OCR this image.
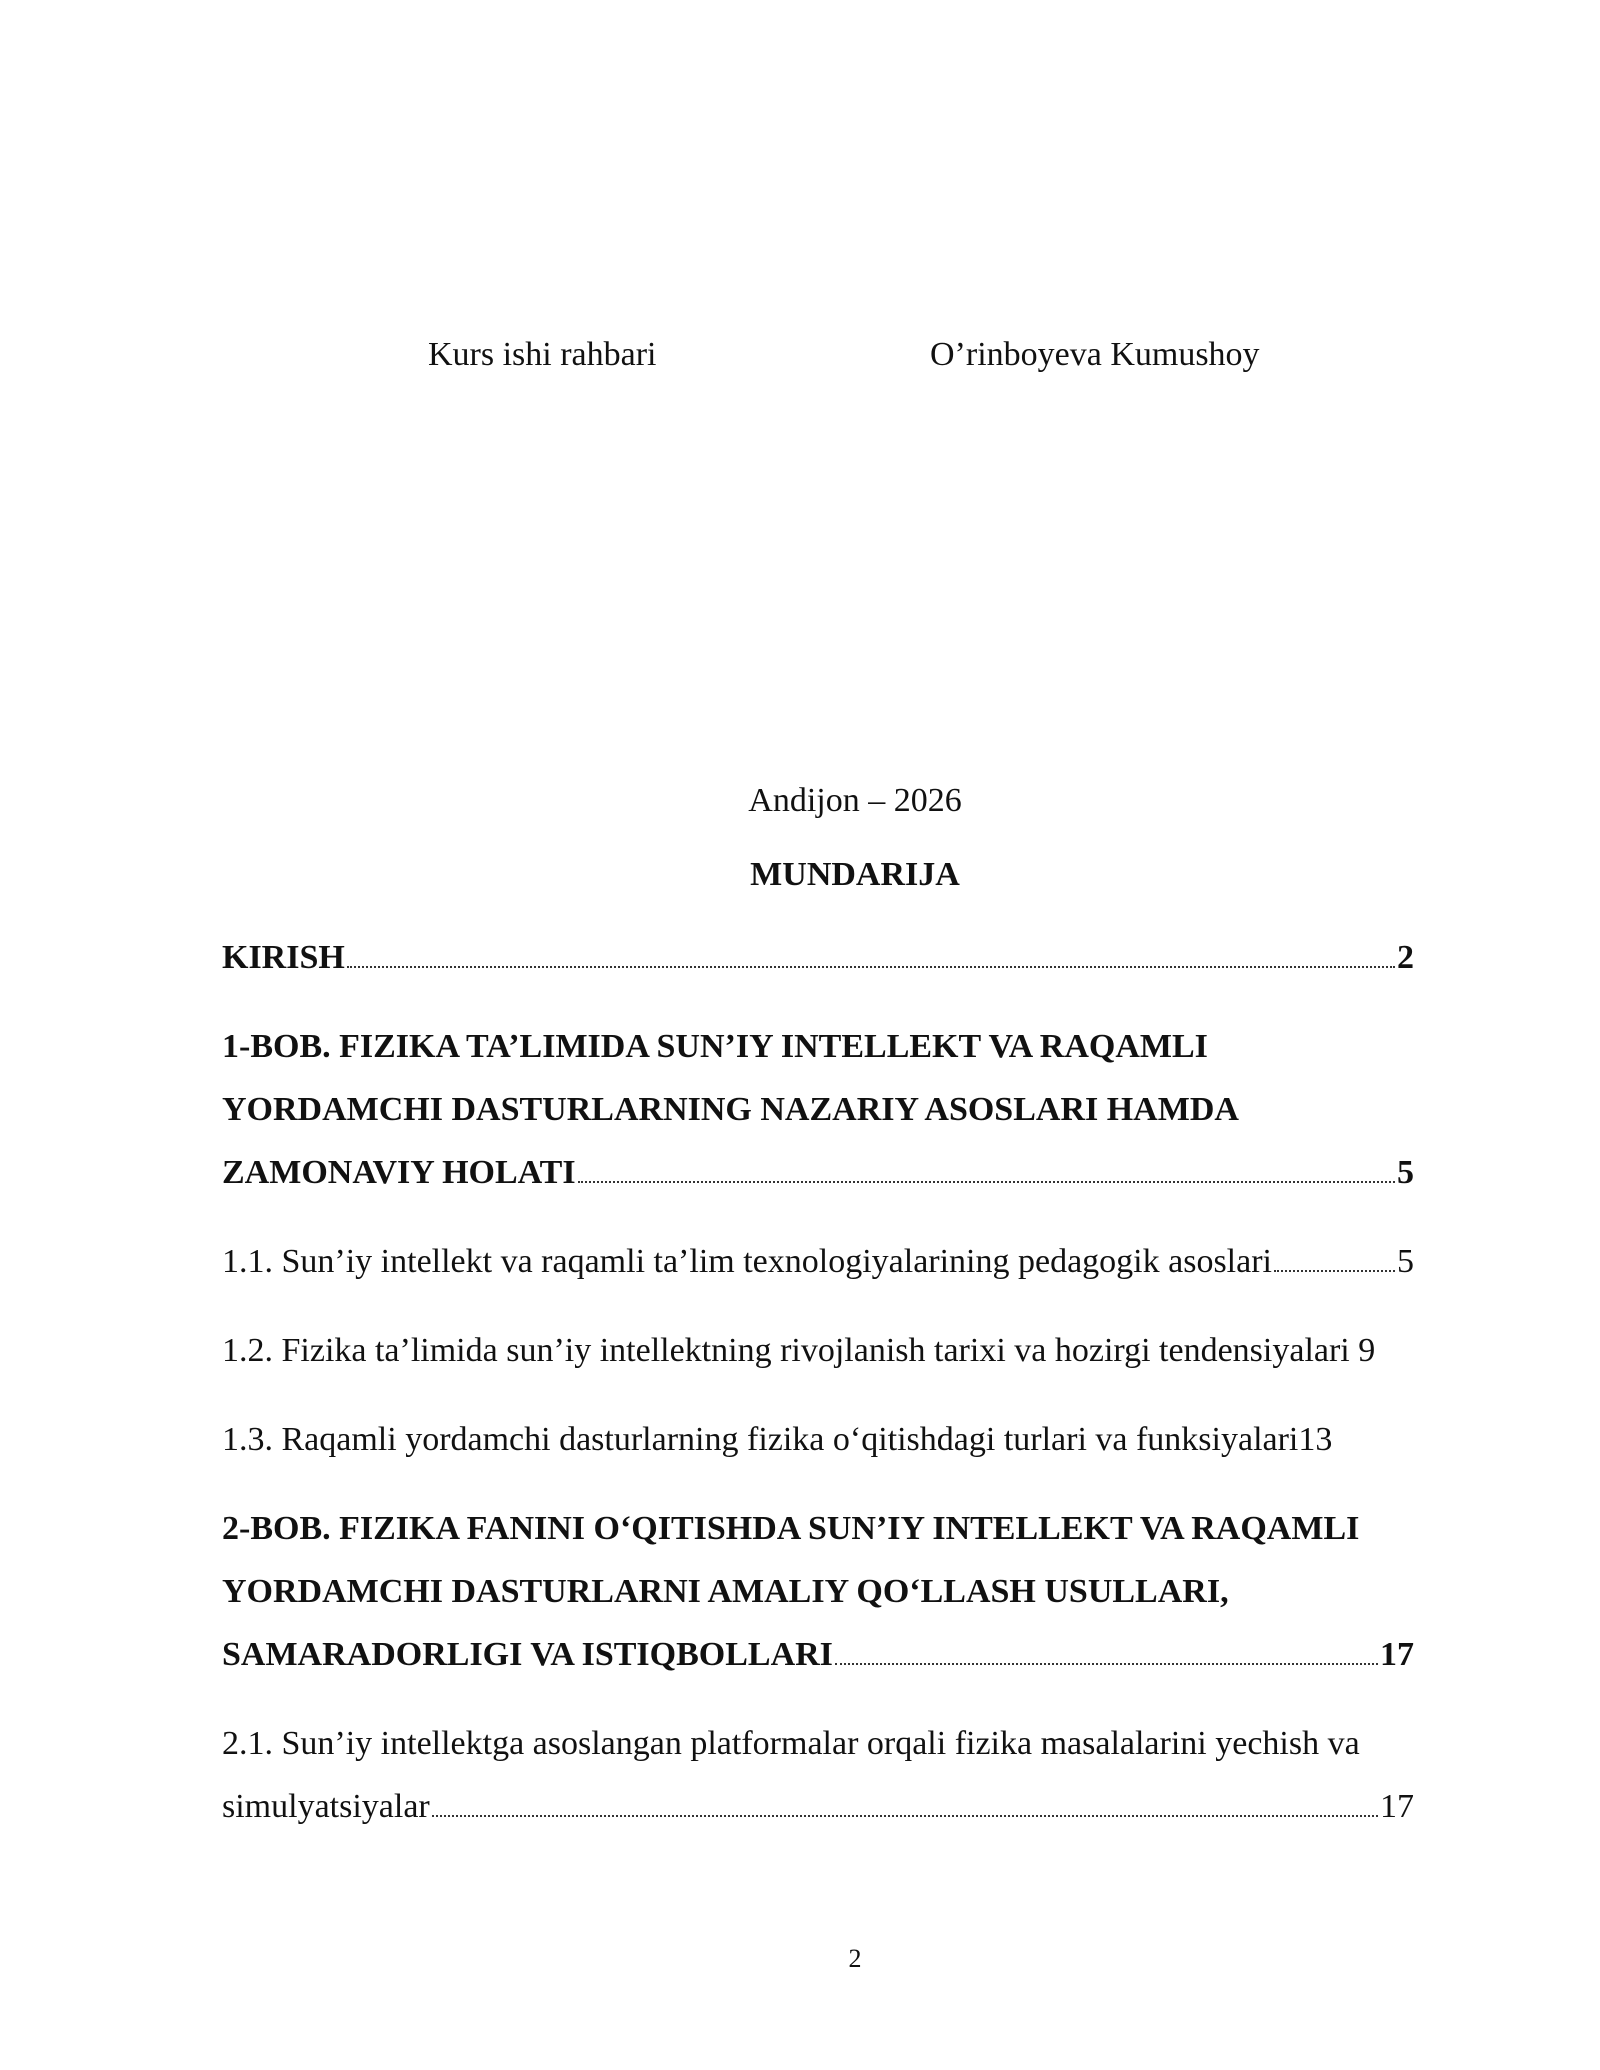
Kurs ishi rahbari	O’rinboyeva Kumushoy
Andijon – 2026
MUNDARIJA
KIRISH	2
1-BOB. FIZIKA TA’LIMIDA SUN’IY INTELLEKT VA RAQAMLI
YORDAMCHI DASTURLARNING NAZARIY ASOSLARI HAMDA
ZAMONAVIY HOLATI	5
1.1. Sun’iy intellekt va raqamli ta’lim texnologiyalarining pedagogik asoslari	5
1.2. Fizika ta’limida sun’iy intellektning rivojlanish tarixi va hozirgi tendensiyalari 9
1.3. Raqamli yordamchi dasturlarning fizika o‘qitishdagi turlari va funksiyalari13
2-BOB. FIZIKA FANINI O‘QITISHDA SUN’IY INTELLEKT VA RAQAMLI
YORDAMCHI DASTURLARNI AMALIY QO‘LLASH USULLARI,
SAMARADORLIGI VA ISTIQBOLLARI	17
2.1. Sun’iy intellektga asoslangan platformalar orqali fizika masalalarini yechish va
simulyatsiyalar	17
2
